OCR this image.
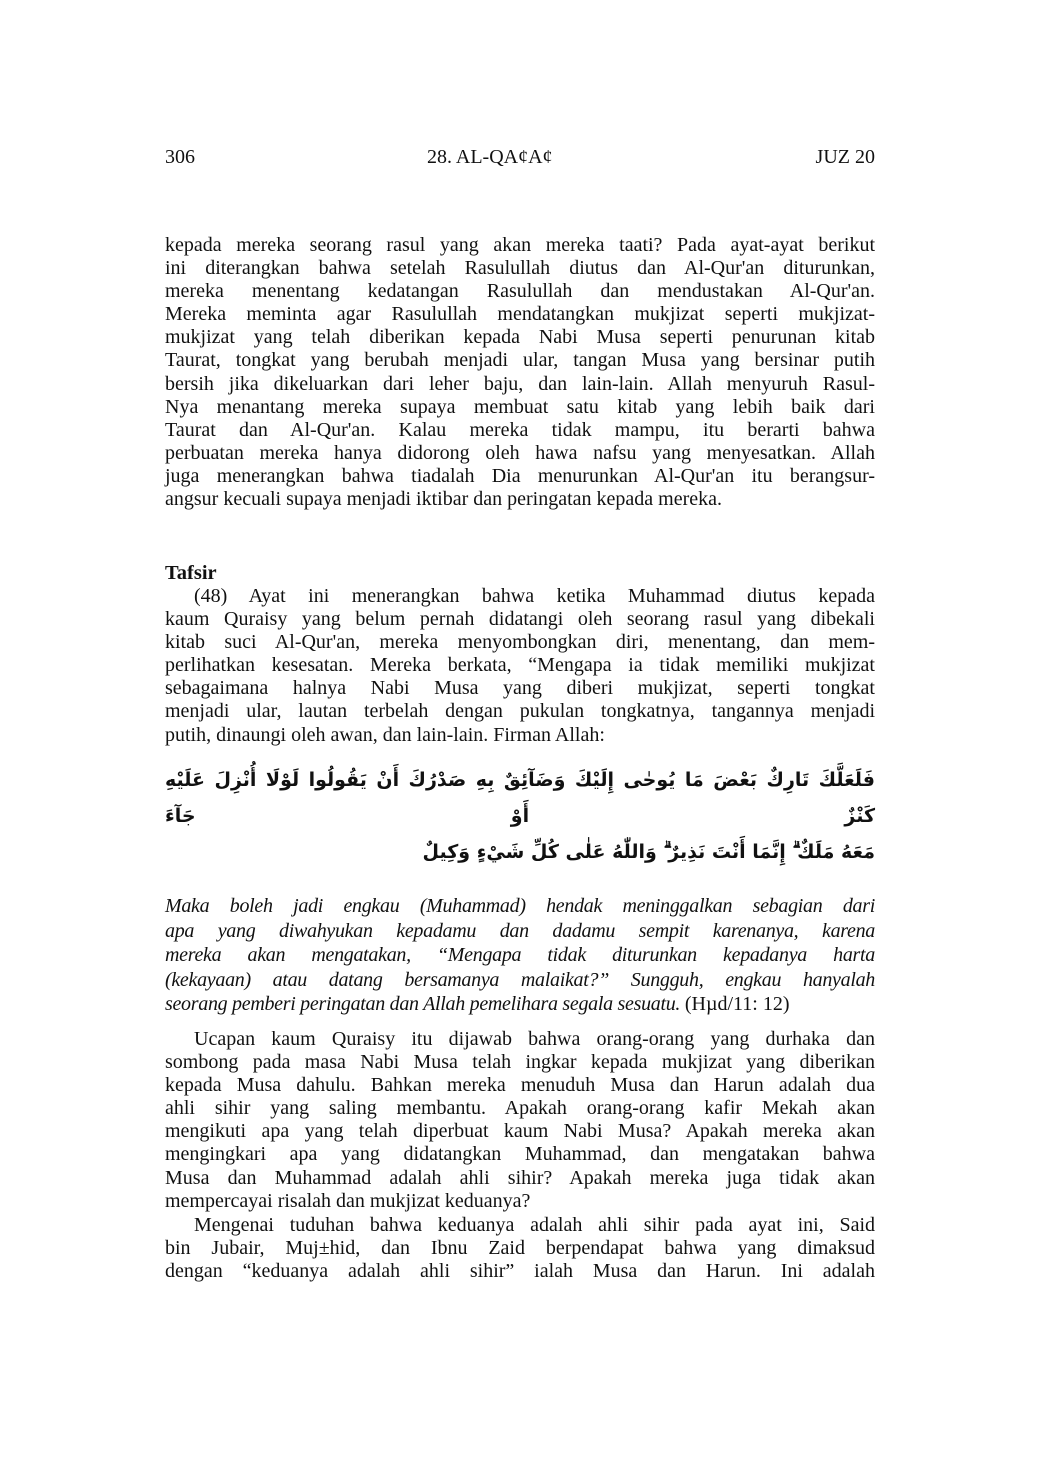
306	28. AL-QA¢A¢	JUZ 20
kepada mereka seorang rasul yang akan mereka taati? Pada ayat-ayat berikut
ini diterangkan bahwa setelah Rasulullah diutus dan Al-Qur'an diturunkan,
mereka menentang kedatangan Rasulullah dan mendustakan Al-Qur'an.
Mereka meminta agar Rasulullah mendatangkan mukjizat seperti mukjizat-
mukjizat yang telah diberikan kepada Nabi Musa seperti penurunan kitab
Taurat, tongkat yang berubah menjadi ular, tangan Musa yang bersinar putih
bersih jika dikeluarkan dari leher baju, dan lain-lain. Allah menyuruh Rasul-
Nya menantang mereka supaya membuat satu kitab yang lebih baik dari
Taurat dan Al-Qur'an. Kalau mereka tidak mampu, itu berarti bahwa
perbuatan mereka hanya didorong oleh hawa nafsu yang menyesatkan. Allah
juga menerangkan bahwa tiadalah Dia menurunkan Al-Qur'an itu berangsur-
angsur kecuali supaya menjadi iktibar dan peringatan kepada mereka.
Tafsir
(48) Ayat ini menerangkan bahwa ketika Muhammad diutus kepada
kaum Quraisy yang belum pernah didatangi oleh seorang rasul yang dibekali
kitab suci Al-Qur'an, mereka menyombongkan diri, menentang, dan mem-
perlihatkan kesesatan. Mereka berkata, “Mengapa ia tidak memiliki mukjizat
sebagaimana halnya Nabi Musa yang diberi mukjizat, seperti tongkat
menjadi ular, lautan terbelah dengan pukulan tongkatnya, tangannya menjadi
putih, dinaungi oleh awan, dan lain-lain. Firman Allah:
فَلَعَلَّكَ تَارِكٌ بَعْضَ مَا يُوحٰى إِلَيْكَ وَضَآئِقٌ بِهِ صَدْرُكَ أَنْ يَقُولُوا لَوْلَا أُنْزِلَ عَلَيْهِ كَنْزٌ أَوْ جَآءَ
مَعَهُ مَلَكٌ ۗ إِنَّمَا أَنْتَ نَذِيرٌ ۗ وَاللّٰهُ عَلٰى كُلِّ شَيْءٍ وَكِيلٌ
Maka boleh jadi engkau (Muhammad) hendak meninggalkan sebagian dari
apa yang diwahyukan kepadamu dan dadamu sempit karenanya, karena
mereka akan mengatakan, “Mengapa tidak diturunkan kepadanya harta
(kekayaan) atau datang bersamanya malaikat?” Sungguh, engkau hanyalah
seorang pemberi peringatan dan Allah pemelihara segala sesuatu. (Hµd/11: 12)
Ucapan kaum Quraisy itu dijawab bahwa orang-orang yang durhaka dan
sombong pada masa Nabi Musa telah ingkar kepada mukjizat yang diberikan
kepada Musa dahulu. Bahkan mereka menuduh Musa dan Harun adalah dua
ahli sihir yang saling membantu. Apakah orang-orang kafir Mekah akan
mengikuti apa yang telah diperbuat kaum Nabi Musa? Apakah mereka akan
mengingkari apa yang didatangkan Muhammad, dan mengatakan bahwa
Musa dan Muhammad adalah ahli sihir? Apakah mereka juga tidak akan
mempercayai risalah dan mukjizat keduanya?
Mengenai tuduhan bahwa keduanya adalah ahli sihir pada ayat ini, Said
bin Jubair, Muj±hid, dan Ibnu Zaid berpendapat bahwa yang dimaksud
dengan “keduanya adalah ahli sihir” ialah Musa dan Harun. Ini adalah
